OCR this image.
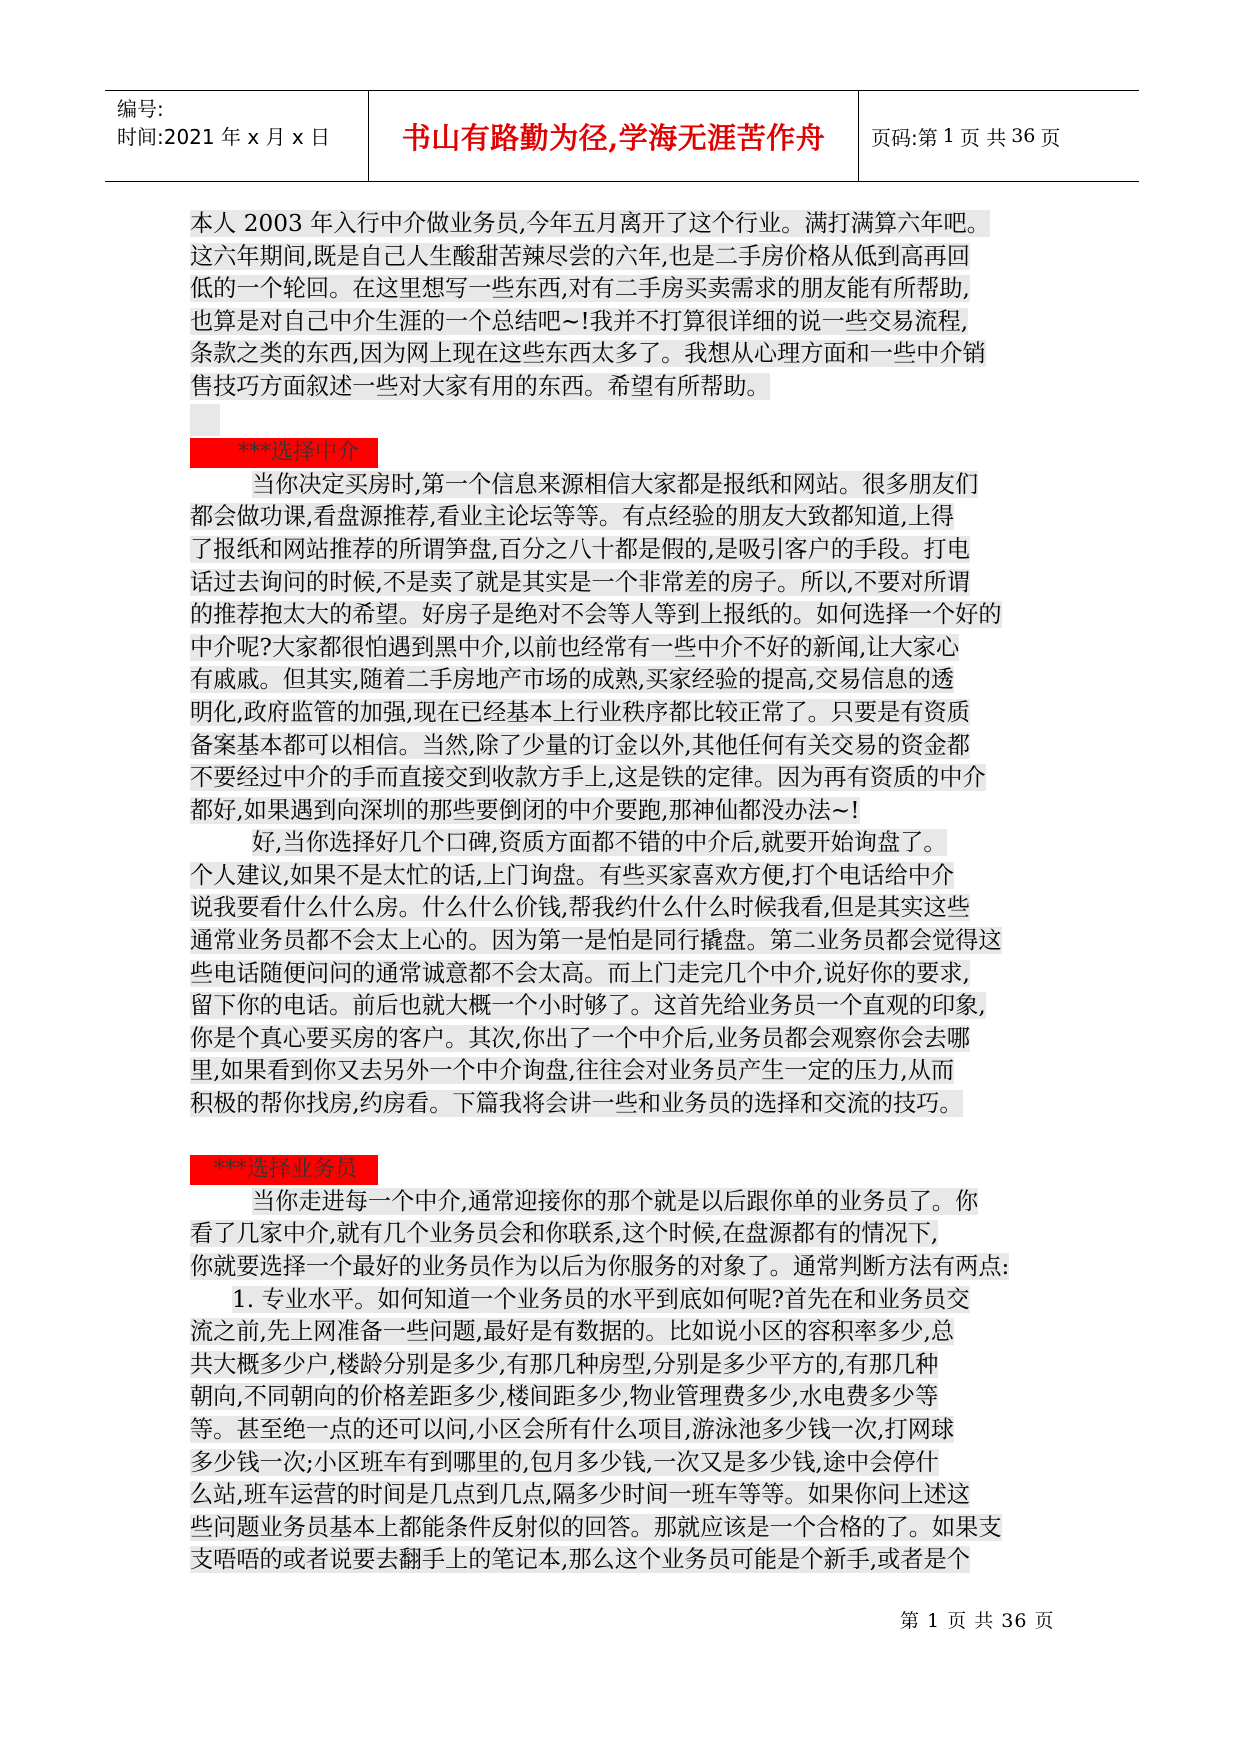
编号:
时间:2021 年 x 月 x 日	书山有路勤为径,学海无涯苦作舟	页码:第 1 页 共 36 页
本人 2003 年入行中介做业务员,今年五月离开了这个行业。满打满算六年吧。
这六年期间,既是自己人生酸甜苦辣尽尝的六年,也是二手房价格从低到高再回
低的一个轮回。在这里想写一些东西,对有二手房买卖需求的朋友能有所帮助,
也算是对自己中介生涯的一个总结吧~!我并不打算很详细的说一些交易流程,
条款之类的东西,因为网上现在这些东西太多了。我想从心理方面和一些中介销
售技巧方面叙述一些对大家有用的东西。希望有所帮助。
***选择中介
当你决定买房时,第一个信息来源相信大家都是报纸和网站。很多朋友们
都会做功课,看盘源推荐,看业主论坛等等。有点经验的朋友大致都知道,上得
了报纸和网站推荐的所谓笋盘,百分之八十都是假的,是吸引客户的手段。打电
话过去询问的时候,不是卖了就是其实是一个非常差的房子。所以,不要对所谓
的推荐抱太大的希望。好房子是绝对不会等人等到上报纸的。如何选择一个好的
中介呢?大家都很怕遇到黑中介,以前也经常有一些中介不好的新闻,让大家心
有戚戚。但其实,随着二手房地产市场的成熟,买家经验的提高,交易信息的透
明化,政府监管的加强,现在已经基本上行业秩序都比较正常了。只要是有资质
备案基本都可以相信。当然,除了少量的订金以外,其他任何有关交易的资金都
不要经过中介的手而直接交到收款方手上,这是铁的定律。因为再有资质的中介
都好,如果遇到向深圳的那些要倒闭的中介要跑,那神仙都没办法~!
好,当你选择好几个口碑,资质方面都不错的中介后,就要开始询盘了。
个人建议,如果不是太忙的话,上门询盘。有些买家喜欢方便,打个电话给中介
说我要看什么什么房。什么什么价钱,帮我约什么什么时候我看,但是其实这些
通常业务员都不会太上心的。因为第一是怕是同行撬盘。第二业务员都会觉得这
些电话随便问问的通常诚意都不会太高。而上门走完几个中介,说好你的要求,
留下你的电话。前后也就大概一个小时够了。这首先给业务员一个直观的印象,
你是个真心要买房的客户。其次,你出了一个中介后,业务员都会观察你会去哪
里,如果看到你又去另外一个中介询盘,往往会对业务员产生一定的压力,从而
积极的帮你找房,约房看。下篇我将会讲一些和业务员的选择和交流的技巧。
***选择业务员
当你走进每一个中介,通常迎接你的那个就是以后跟你单的业务员了。你
看了几家中介,就有几个业务员会和你联系,这个时候,在盘源都有的情况下,
你就要选择一个最好的业务员作为以后为你服务的对象了。通常判断方法有两点:
1. 专业水平。如何知道一个业务员的水平到底如何呢?首先在和业务员交
流之前,先上网准备一些问题,最好是有数据的。比如说小区的容积率多少,总
共大概多少户,楼龄分别是多少,有那几种房型,分别是多少平方的,有那几种
朝向,不同朝向的价格差距多少,楼间距多少,物业管理费多少,水电费多少等
等。甚至绝一点的还可以问,小区会所有什么项目,游泳池多少钱一次,打网球
多少钱一次;小区班车有到哪里的,包月多少钱,一次又是多少钱,途中会停什
么站,班车运营的时间是几点到几点,隔多少时间一班车等等。如果你问上述这
些问题业务员基本上都能条件反射似的回答。那就应该是一个合格的了。如果支
支唔唔的或者说要去翻手上的笔记本,那么这个业务员可能是个新手,或者是个
第 1 页 共 36 页
